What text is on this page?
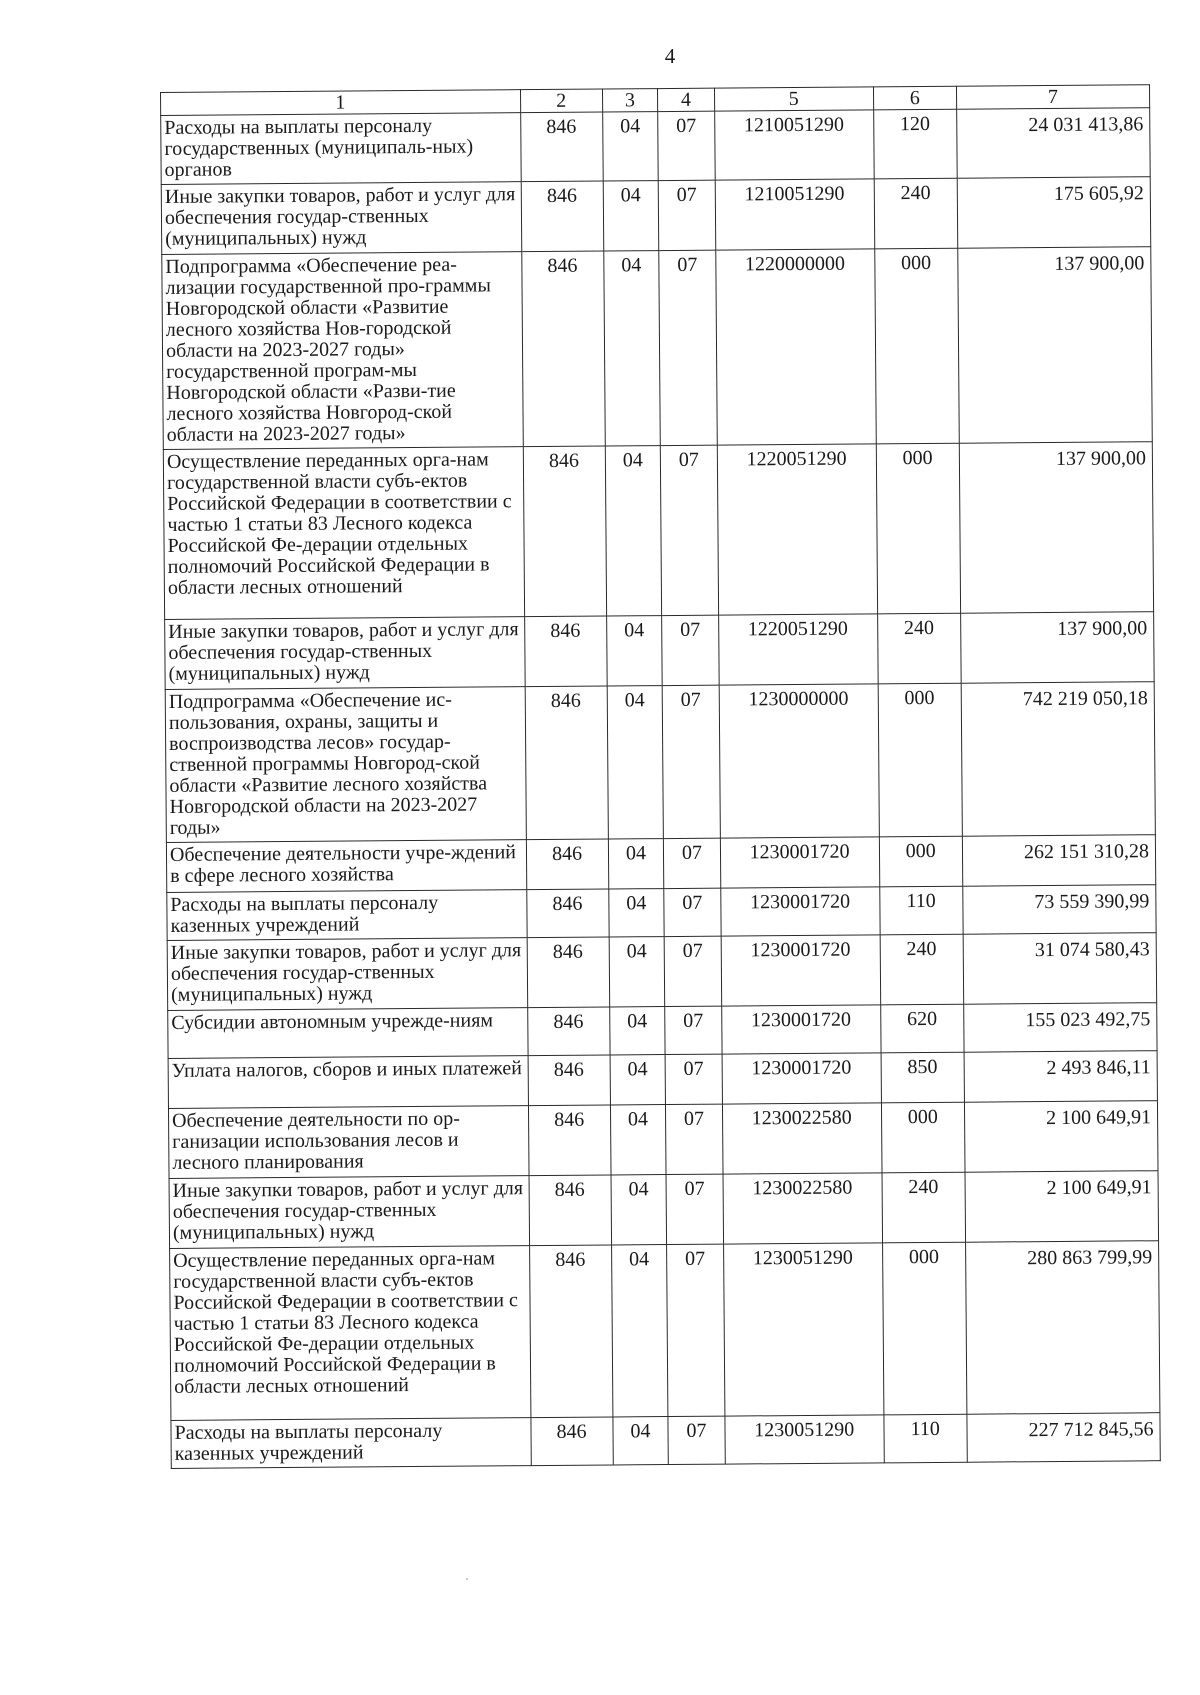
4
1	2	3	4	5	6	7
Расходы на выплаты персоналу государственных (муниципаль-ных) органов	846	04	07	1210051290	120	24 031 413,86
Иные закупки товаров, работ и услуг для обеспечения государ-ственных (муниципальных) нужд	846	04	07	1210051290	240	175 605,92
Подпрограмма «Обеспечение реа-лизации государственной про-граммы Новгородской области «Развитие лесного хозяйства Нов-городской области на 2023-2027 годы» государственной програм-мы Новгородской области «Разви-тие лесного хозяйства Новгород-ской области на 2023-2027 годы»	846	04	07	1220000000	000	137 900,00
Осуществление переданных орга-нам государственной власти субъ-ектов Российской Федерации в соответствии с частью 1 статьи 83 Лесного кодекса Российской Фе-дерации отдельных полномочий Российской Федерации в области лесных отношений	846	04	07	1220051290	000	137 900,00
Иные закупки товаров, работ и услуг для обеспечения государ-ственных (муниципальных) нужд	846	04	07	1220051290	240	137 900,00
Подпрограмма «Обеспечение ис-пользования, охраны, защиты и воспроизводства лесов» государ-ственной программы Новгород-ской области «Развитие лесного хозяйства Новгородской области на 2023-2027 годы»	846	04	07	1230000000	000	742 219 050,18
Обеспечение деятельности учре-ждений в сфере лесного хозяйства	846	04	07	1230001720	000	262 151 310,28
Расходы на выплаты персоналу казенных учреждений	846	04	07	1230001720	110	73 559 390,99
Иные закупки товаров, работ и услуг для обеспечения государ-ственных (муниципальных) нужд	846	04	07	1230001720	240	31 074 580,43
Субсидии автономным учрежде-ниям	846	04	07	1230001720	620	155 023 492,75
Уплата налогов, сборов и иных платежей	846	04	07	1230001720	850	2 493 846,11
Обеспечение деятельности по ор-ганизации использования лесов и лесного планирования	846	04	07	1230022580	000	2 100 649,91
Иные закупки товаров, работ и услуг для обеспечения государ-ственных (муниципальных) нужд	846	04	07	1230022580	240	2 100 649,91
Осуществление переданных орга-нам государственной власти субъ-ектов Российской Федерации в соответствии с частью 1 статьи 83 Лесного кодекса Российской Фе-дерации отдельных полномочий Российской Федерации в области лесных отношений	846	04	07	1230051290	000	280 863 799,99
Расходы на выплаты персоналу казенных учреждений	846	04	07	1230051290	110	227 712 845,56
